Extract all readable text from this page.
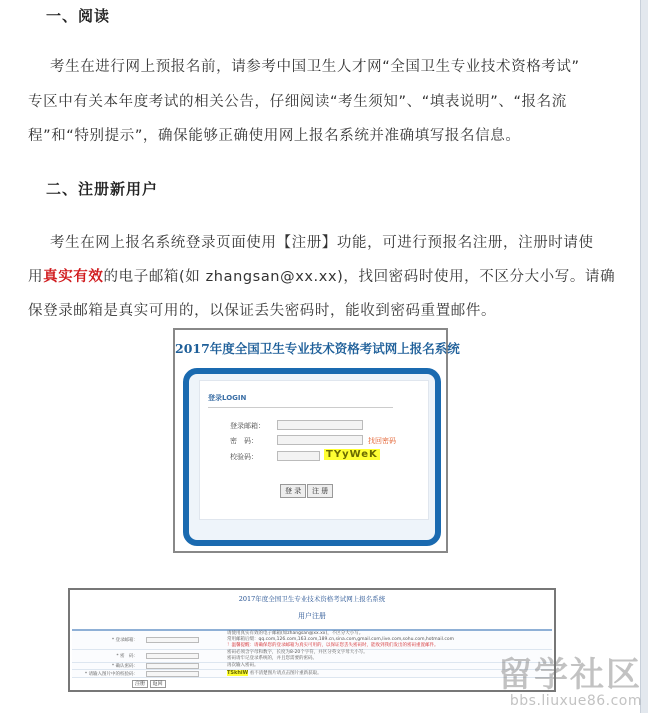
一、阅读
考生在进行网上预报名前，请参考中国卫生人才网“全国卫生专业技术资格考试”
专区中有关本年度考试的相关公告，仔细阅读“考生须知”、“填表说明”、“报名流
程”和“特别提示”，确保能够正确使用网上报名系统并准确填写报名信息。
二、注册新用户
考生在网上报名系统登录页面使用【注册】功能，可进行预报名注册，注册时请使
用真实有效的电子邮箱(如 zhangsan@xx.xx)，找回密码时使用，不区分大小写。请确
保登录邮箱是真实可用的，以保证丢失密码时，能收到密码重置邮件。
2017年度全国卫生专业技术资格考试网上报名系统
登录LOGIN
登录邮箱：
密　码：	找回密码
校验码：	TYyWeK
登 录	注 册
2017年度全国卫生专业技术资格考试网上报名系统
用户注册
* 登录邮箱：
请使用真实有效的电子邮箱(如zhangsan@xx.xx)，不区分大小写。
常用邮箱后缀：qq.com,126.com,163.com,189.cn,sina.com,gmail.com,live.com,sohu.com,hotmail.com
！温馨提醒：请确保您的登录邮箱为真实可用的，以保证您丢失密码时，能收到我们发出的密码重置邮件。
* 密　码：
密码必须含字母和数字，长度为8-20个字符，并区分英文字母大小写。
密码请牢记登录系统的，并且您需要的密码。
* 确认密码：	再次输入密码。
* 请输入图片中的校验码：	TSkhiW 看不清楚图片请点击图片重新获取。
注册 返回	留学社区
bbs.liuxue86.com
